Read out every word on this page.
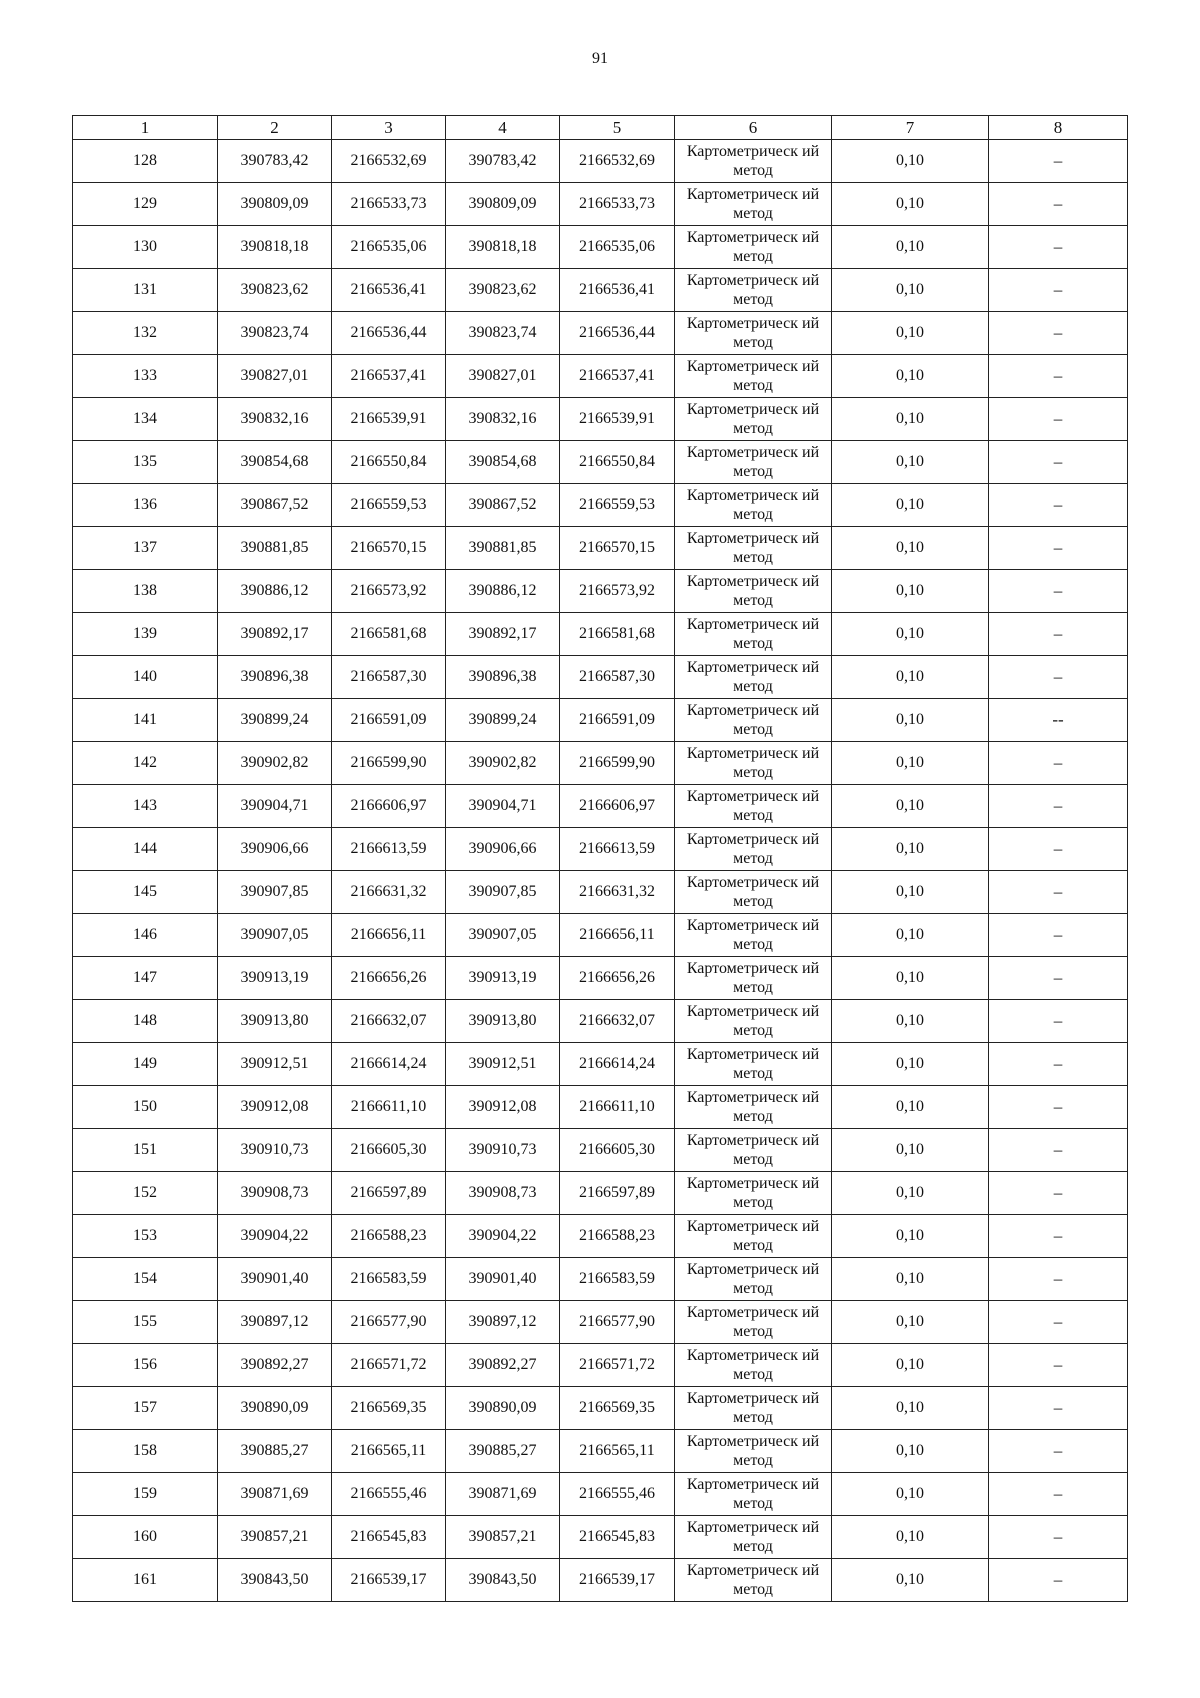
91
1	2	3	4	5	6	7	8
128	390783,42	2166532,69	390783,42	2166532,69	Картометрическ ий метод	0,10	–
129	390809,09	2166533,73	390809,09	2166533,73	Картометрическ ий метод	0,10	–
130	390818,18	2166535,06	390818,18	2166535,06	Картометрическ ий метод	0,10	–
131	390823,62	2166536,41	390823,62	2166536,41	Картометрическ ий метод	0,10	–
132	390823,74	2166536,44	390823,74	2166536,44	Картометрическ ий метод	0,10	–
133	390827,01	2166537,41	390827,01	2166537,41	Картометрическ ий метод	0,10	–
134	390832,16	2166539,91	390832,16	2166539,91	Картометрическ ий метод	0,10	–
135	390854,68	2166550,84	390854,68	2166550,84	Картометрическ ий метод	0,10	–
136	390867,52	2166559,53	390867,52	2166559,53	Картометрическ ий метод	0,10	–
137	390881,85	2166570,15	390881,85	2166570,15	Картометрическ ий метод	0,10	–
138	390886,12	2166573,92	390886,12	2166573,92	Картометрическ ий метод	0,10	–
139	390892,17	2166581,68	390892,17	2166581,68	Картометрическ ий метод	0,10	–
140	390896,38	2166587,30	390896,38	2166587,30	Картометрическ ий метод	0,10	–
141	390899,24	2166591,09	390899,24	2166591,09	Картометрическ ий метод	0,10	--
142	390902,82	2166599,90	390902,82	2166599,90	Картометрическ ий метод	0,10	–
143	390904,71	2166606,97	390904,71	2166606,97	Картометрическ ий метод	0,10	–
144	390906,66	2166613,59	390906,66	2166613,59	Картометрическ ий метод	0,10	–
145	390907,85	2166631,32	390907,85	2166631,32	Картометрическ ий метод	0,10	–
146	390907,05	2166656,11	390907,05	2166656,11	Картометрическ ий метод	0,10	–
147	390913,19	2166656,26	390913,19	2166656,26	Картометрическ ий метод	0,10	–
148	390913,80	2166632,07	390913,80	2166632,07	Картометрическ ий метод	0,10	–
149	390912,51	2166614,24	390912,51	2166614,24	Картометрическ ий метод	0,10	–
150	390912,08	2166611,10	390912,08	2166611,10	Картометрическ ий метод	0,10	–
151	390910,73	2166605,30	390910,73	2166605,30	Картометрическ ий метод	0,10	–
152	390908,73	2166597,89	390908,73	2166597,89	Картометрическ ий метод	0,10	–
153	390904,22	2166588,23	390904,22	2166588,23	Картометрическ ий метод	0,10	–
154	390901,40	2166583,59	390901,40	2166583,59	Картометрическ ий метод	0,10	–
155	390897,12	2166577,90	390897,12	2166577,90	Картометрическ ий метод	0,10	–
156	390892,27	2166571,72	390892,27	2166571,72	Картометрическ ий метод	0,10	–
157	390890,09	2166569,35	390890,09	2166569,35	Картометрическ ий метод	0,10	–
158	390885,27	2166565,11	390885,27	2166565,11	Картометрическ ий метод	0,10	–
159	390871,69	2166555,46	390871,69	2166555,46	Картометрическ ий метод	0,10	–
160	390857,21	2166545,83	390857,21	2166545,83	Картометрическ ий метод	0,10	–
161	390843,50	2166539,17	390843,50	2166539,17	Картометрическ ий метод	0,10	–
